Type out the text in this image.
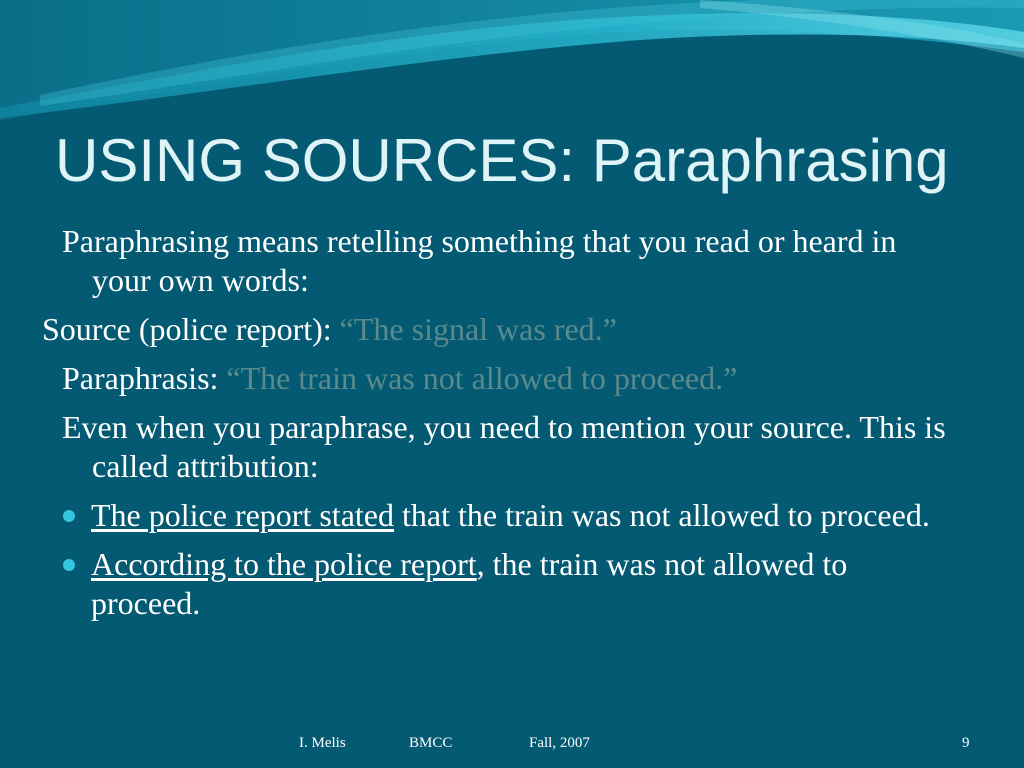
USING SOURCES: Paraphrasing
Paraphrasing means retelling something that you read or heard in your own words:
Source (police report): “The signal was red.”
Paraphrasis: “The train was not allowed to proceed.”
Even when you paraphrase, you need to mention your source. This is called attribution:
The police report stated that the train was not allowed to proceed.
According to the police report, the train was not allowed to proceed.
I. Melis	BMCC	Fall, 2007	9
